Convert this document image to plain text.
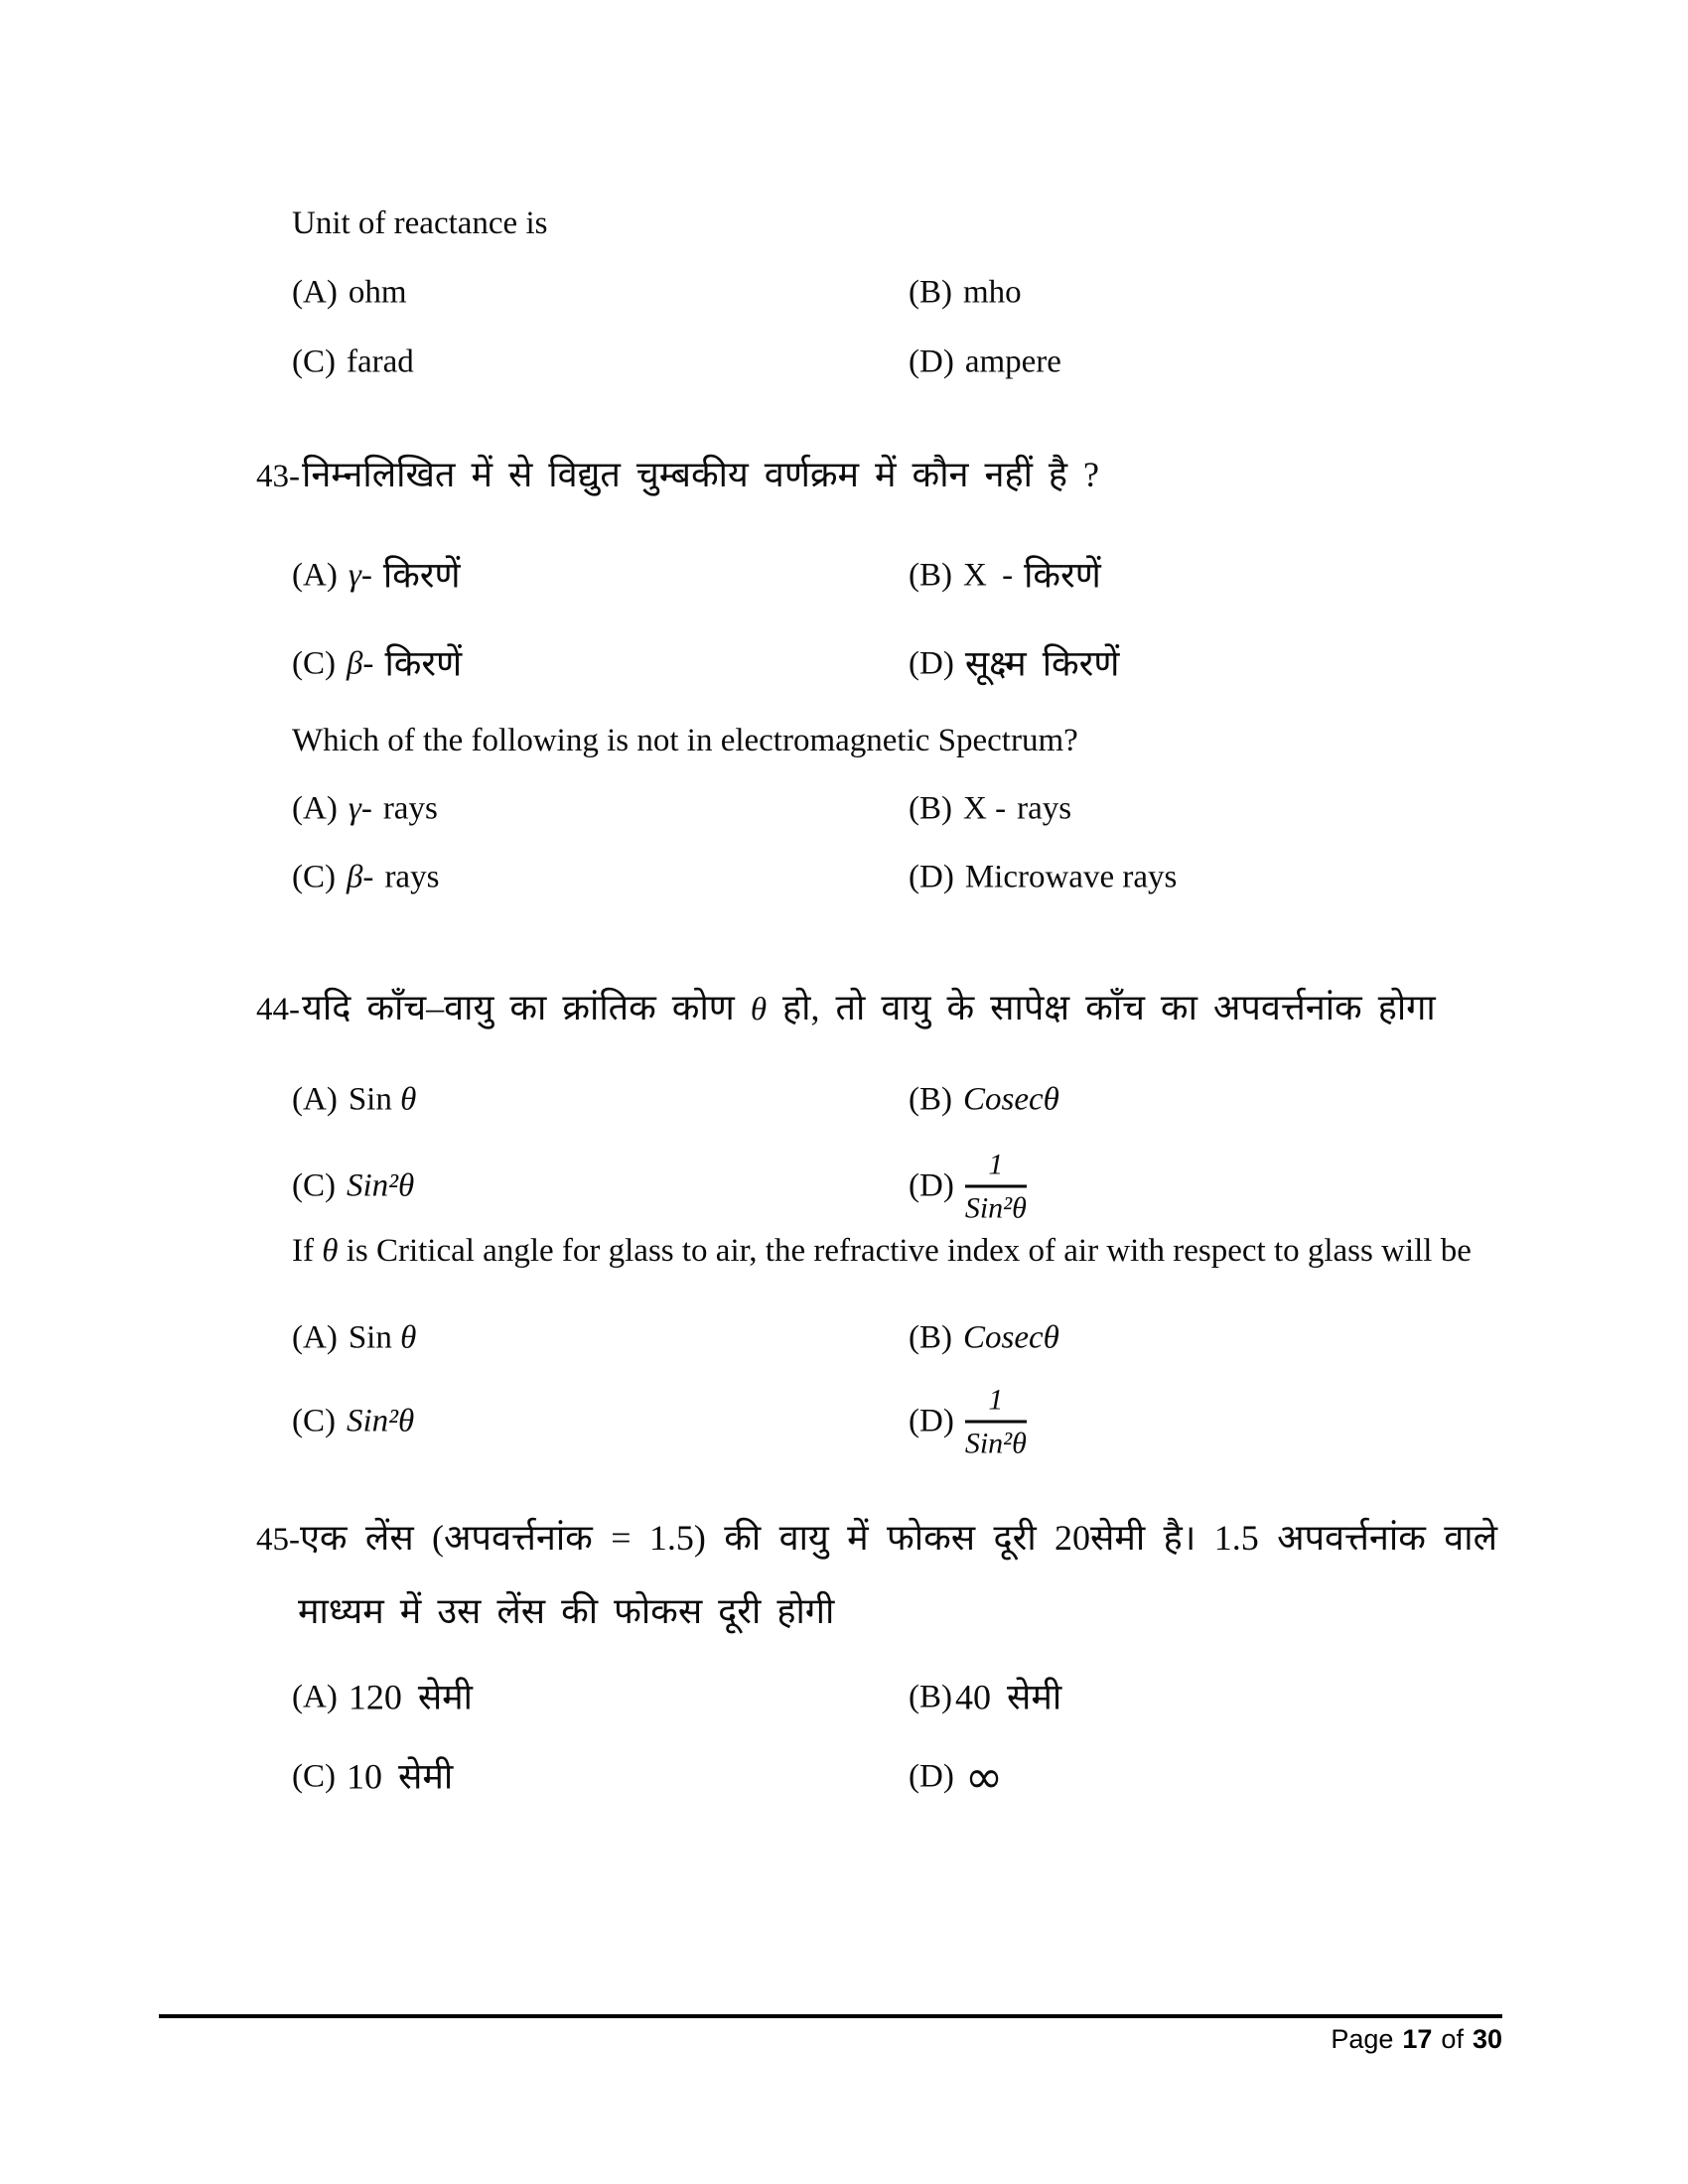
Unit of reactance is
(A) ohm	(B) mho
(C) farad	(D) ampere
43- निम्नलिखित में से विद्युत चुम्बकीय वर्णक्रम में कौन नहीं है ?
(A) γ- किरणें	(B) X - किरणें
(C) β- किरणें	(D) सूक्ष्म किरणें
Which of the following is not in electromagnetic Spectrum?
(A) γ- rays	(B) X - rays
(C) β- rays	(D) Microwave rays
44- यदि काँच–वायु का क्रांतिक कोण θ हो, तो वायु के सापेक्ष काँच का अपवर्त्तनांक होगा
(A) Sin θ	(B) Cosecθ
(C) Sin²θ	$(D) \frac{1}{\text{Sin²θ}}$
If θ is Critical angle for glass to air, the refractive index of air with respect to glass will be
(A) Sin θ	(B) Cosecθ
(C) Sin²θ	$(D) \frac{1}{\text{Sin²θ}}$
45-एक लेंस (अपवर्त्तनांक = 1.5) की वायु में फोकस दूरी 20सेमी है। 1.5 अपवर्त्तनांक वाले
माध्यम में उस लेंस की फोकस दूरी होगी
(A) 120 सेमी	(B) 40 सेमी
(C) 10 सेमी	(D) ∞
Page 17 of 30
